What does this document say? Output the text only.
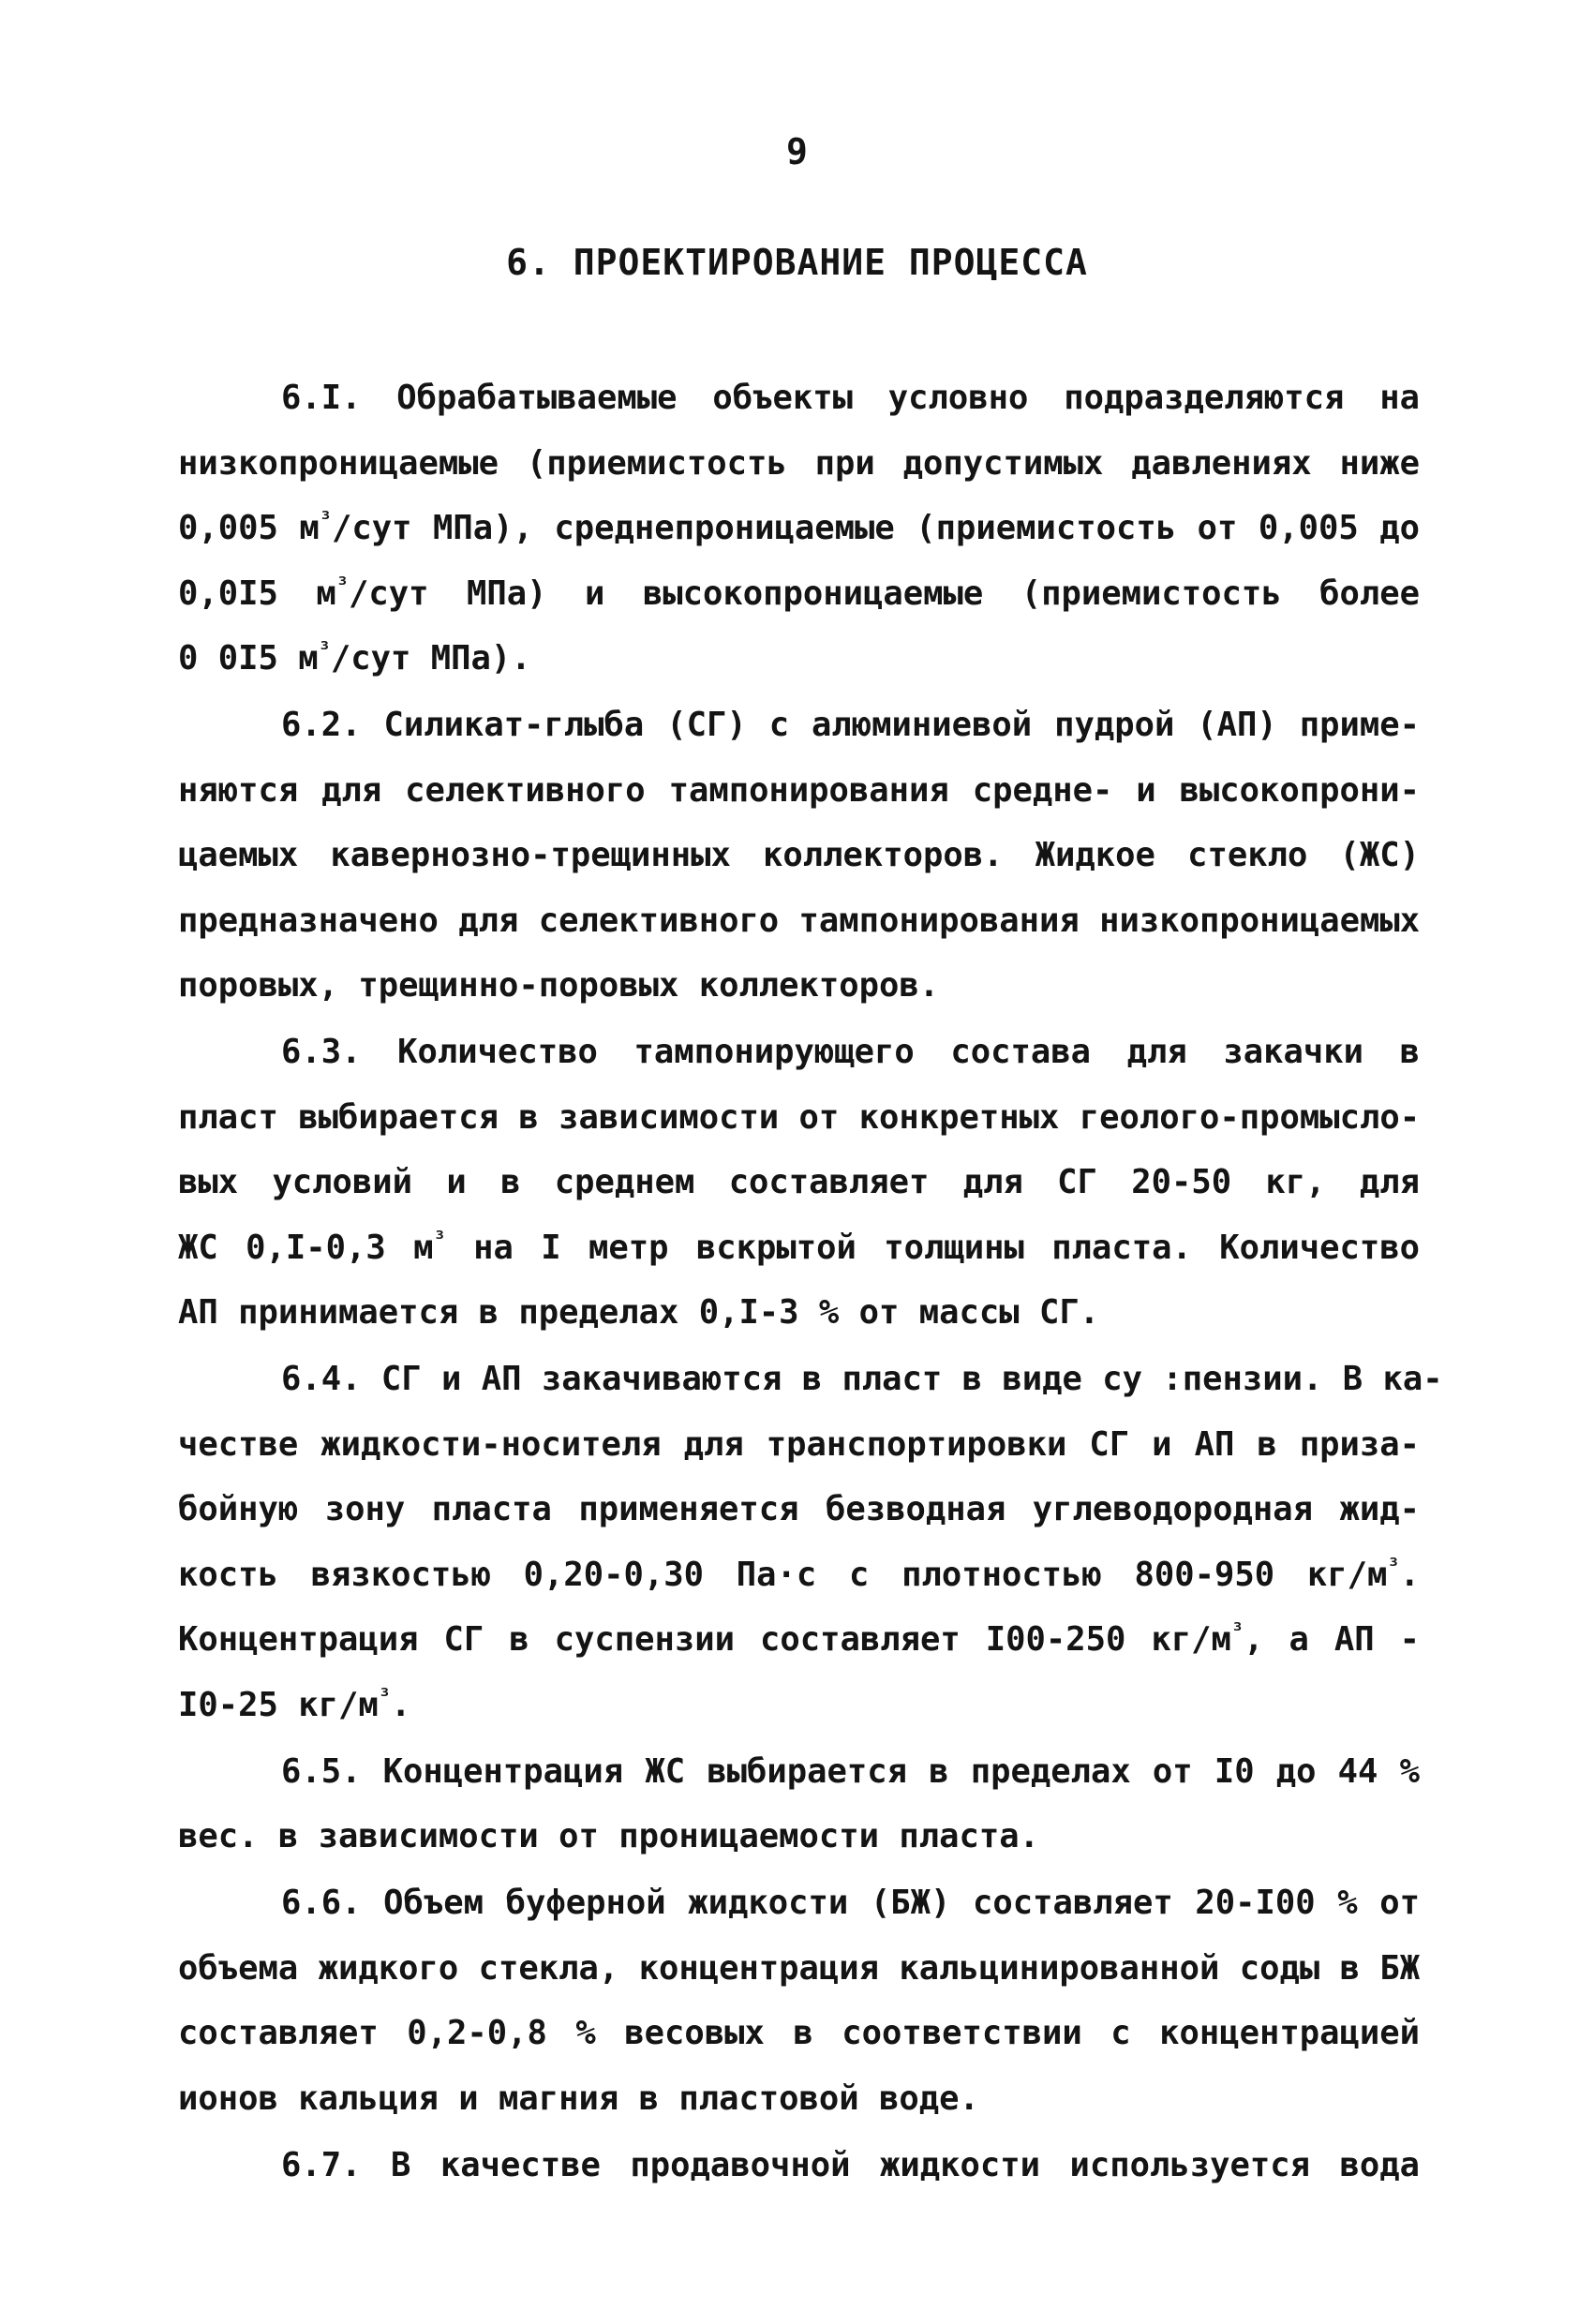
9
6. ПРОЕКТИРОВАНИЕ ПРОЦЕССА
6.I. Обрабатываемые объекты условно подразделяются на
низкопроницаемые (приемистость при допустимых давлениях ниже
0,005 $м^{^3}$/сут МПа), среднепроницаемые (приемистость от 0,005 до
0,0I5 $м^{^3}$/сут МПа) и высокопроницаемые (приемистость более
0 0I5 $м^{^3}$/сут МПа).
6.2. Силикат-глыба (СГ) с алюминиевой пудрой (АП) приме-
няются для селективного тампонирования средне- и высокопрони-
цаемых кавернозно-трещинных коллекторов. Жидкое стекло (ЖС)
предназначено для селективного тампонирования низкопроницаемых
поровых, трещинно-поровых коллекторов.
6.3. Количество тампонирующего состава для закачки в
пласт выбирается в зависимости от конкретных геолого-промысло-
вых условий и в среднем составляет для СГ 20-50 кг, для
ЖС 0,I-0,3 $м^{^3}$ на I метр вскрытой толщины пласта. Количество
АП принимается в пределах 0,I-3 % от массы СГ.
6.4. СГ и АП закачиваются в пласт в виде су :пензии. В ка-
честве жидкости-носителя для транспортировки СГ и АП в приза-
бойную зону пласта применяется безводная углеводородная жид-
кость вязкостью 0,20-0,30 Па·с с плотностью 800-950 $кг/м^{^3}$.
Концентрация СГ в суспензии составляет I00-250 $кг/м^{^3}$, а АП -
I0-25 $кг/м^{^3}$.
6.5. Концентрация ЖС выбирается в пределах от I0 до 44 %
вес. в зависимости от проницаемости пласта.
6.6. Объем буферной жидкости (БЖ) составляет 20-I00 % от
объема жидкого стекла, концентрация кальцинированной соды в БЖ
составляет 0,2-0,8 % весовых в соответствии с концентрацией
ионов кальция и магния в пластовой воде.
6.7. В качестве продавочной жидкости используется вода
